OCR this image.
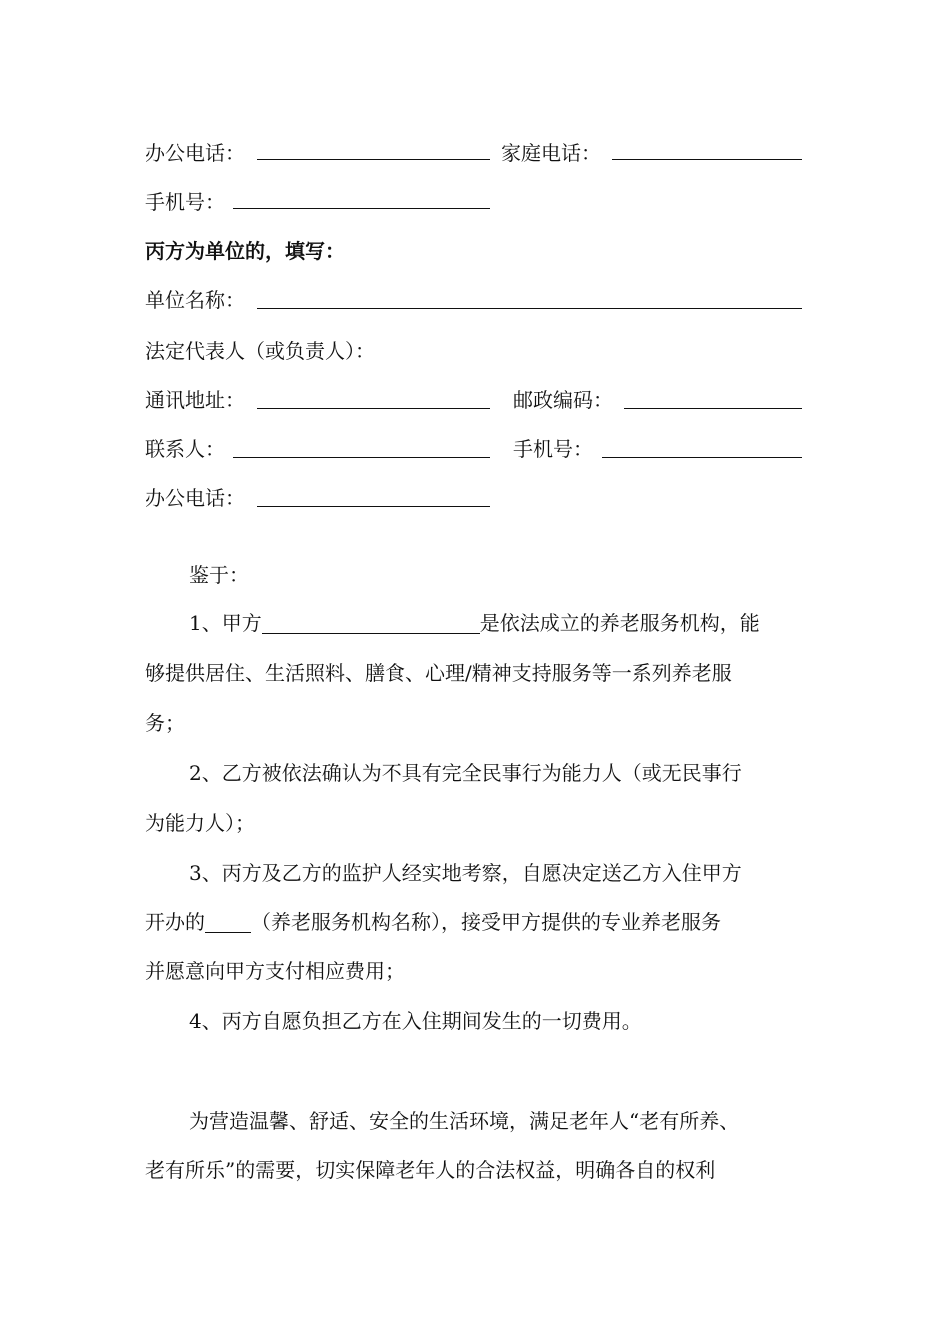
办公电话：	家庭电话：
手机号：
丙方为单位的，填写：
单位名称：
法定代表人（或负责人）：
通讯地址：	邮政编码：
联系人：	手机号：
办公电话：
鉴于：
1、甲方	是依法成立的养老服务机构，能
够提供居住、生活照料、膳食、心理/精神支持服务等一系列养老服
务；
2、乙方被依法确认为不具有完全民事行为能力人（或无民事行
为能力人）；
3、丙方及乙方的监护人经实地考察，自愿决定送乙方入住甲方
开办的 （养老服务机构名称），接受甲方提供的专业养老服务
并愿意向甲方支付相应费用；
4、丙方自愿负担乙方在入住期间发生的一切费用。
为营造温馨、舒适、安全的生活环境，满足老年人“老有所养、
老有所乐”的需要，切实保障老年人的合法权益，明确各自的权利
